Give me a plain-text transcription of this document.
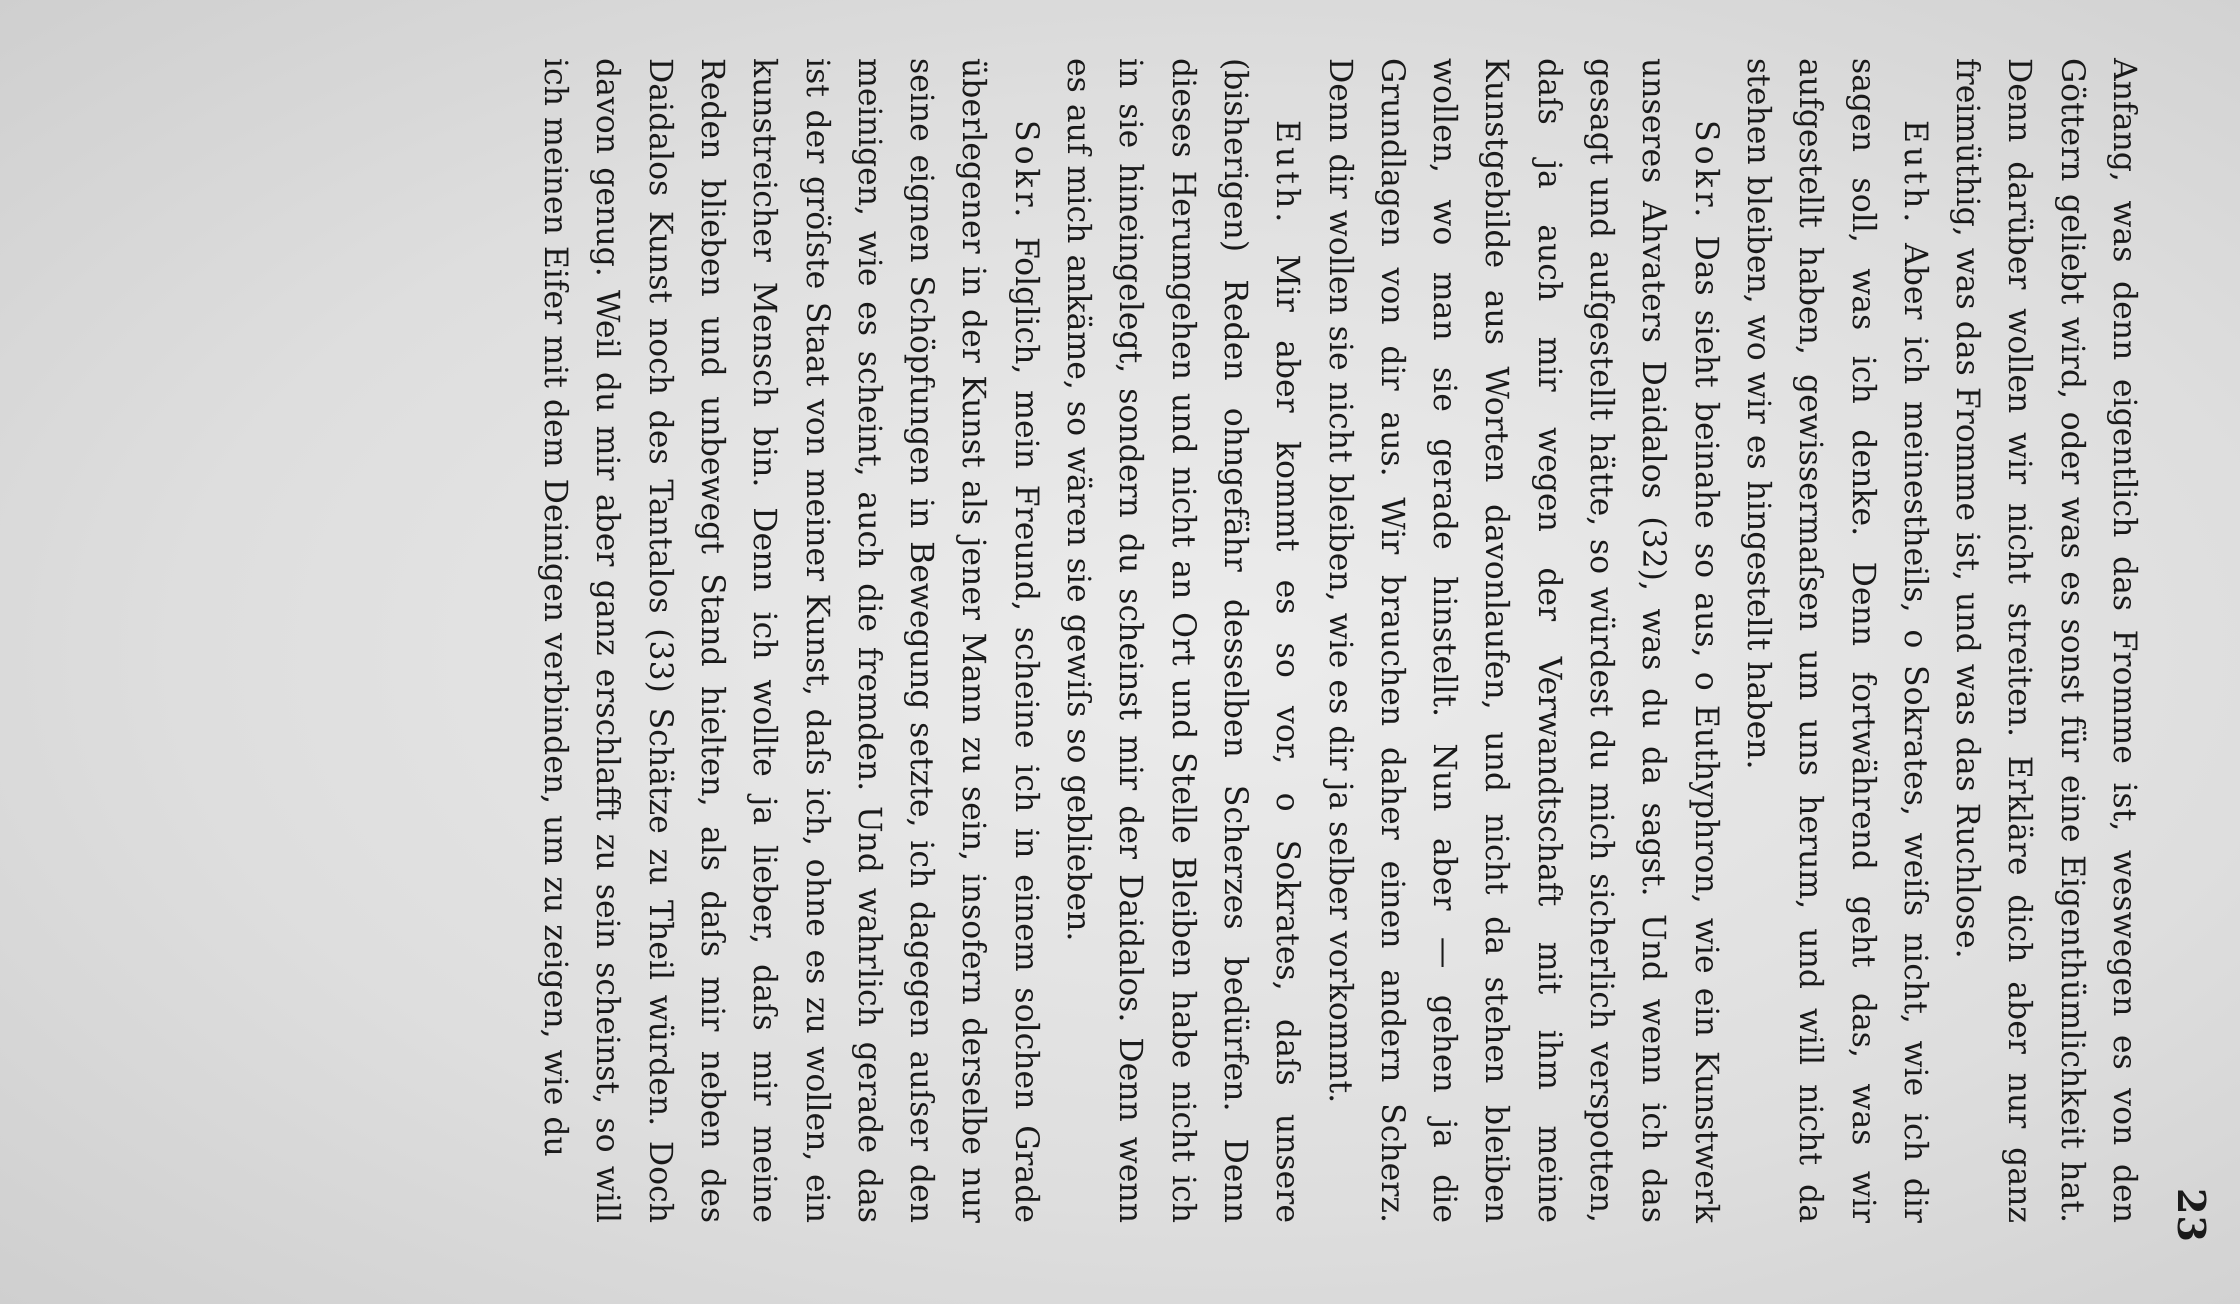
23

Anfang, was denn eigentlich das Fromme ist, weswegen es von den Göttern geliebt wird, oder was es sonst für eine Eigenthümlichkeit hat. Denn darüber wollen wir nicht streiten. Erkläre dich aber nur ganz freimüthig, was das Fromme ist, und was das Ruchlose.

Euth. Aber ich meinestheils, o Sokrates, weiſs nicht, wie ich dir sagen soll, was ich denke. Denn fortwährend geht das, was wir aufgestellt haben, gewissermaſsen um uns herum, und will nicht da stehen bleiben, wo wir es hingestellt haben.

Sokr. Das sieht beinahe so aus, o Euthyphron, wie ein Kunstwerk unseres Ahvaters Daidalos (32), was du da sagst. Und wenn ich das gesagt und aufgestellt hätte, so würdest du mich sicherlich verspotten, daſs ja auch mir wegen der Verwandtschaft mit ihm meine Kunstgebilde aus Worten davonlaufen, und nicht da stehen bleiben wollen, wo man sie gerade hinstellt. Nun aber — gehen ja die Grundlagen von dir aus. Wir brauchen daher einen andern Scherz. Denn dir wollen sie nicht bleiben, wie es dir ja selber vorkommt.

Euth. Mir aber kommt es so vor, o Sokrates, daſs unsere (bisherigen) Reden ohngefähr desselben Scherzes bedürfen. Denn dieses Herumgehen und nicht an Ort und Stelle Bleiben habe nicht ich in sie hineingelegt, sondern du scheinst mir der Daidalos. Denn wenn es auf mich ankäme, so wären sie gewiſs so geblieben.

Sokr. Folglich, mein Freund, scheine ich in einem solchen Grade überlegener in der Kunst als jener Mann zu sein, insofern derselbe nur seine eignen Schöpfungen in Bewegung setzte, ich dagegen auſser den meinigen, wie es scheint, auch die fremden. Und wahrlich gerade das ist der gröſste Staat von meiner Kunst, daſs ich, ohne es zu wollen, ein kunstreicher Mensch bin. Denn ich wollte ja lieber, daſs mir meine Reden blieben und unbewegt Stand hielten, als daſs mir neben des Daidalos Kunst noch des Tantalos (33) Schätze zu Theil würden. Doch davon genug. Weil du mir aber ganz erschlafft zu sein scheinst, so will ich meinen Eifer mit dem Deinigen verbinden, um zu zeigen, wie du
